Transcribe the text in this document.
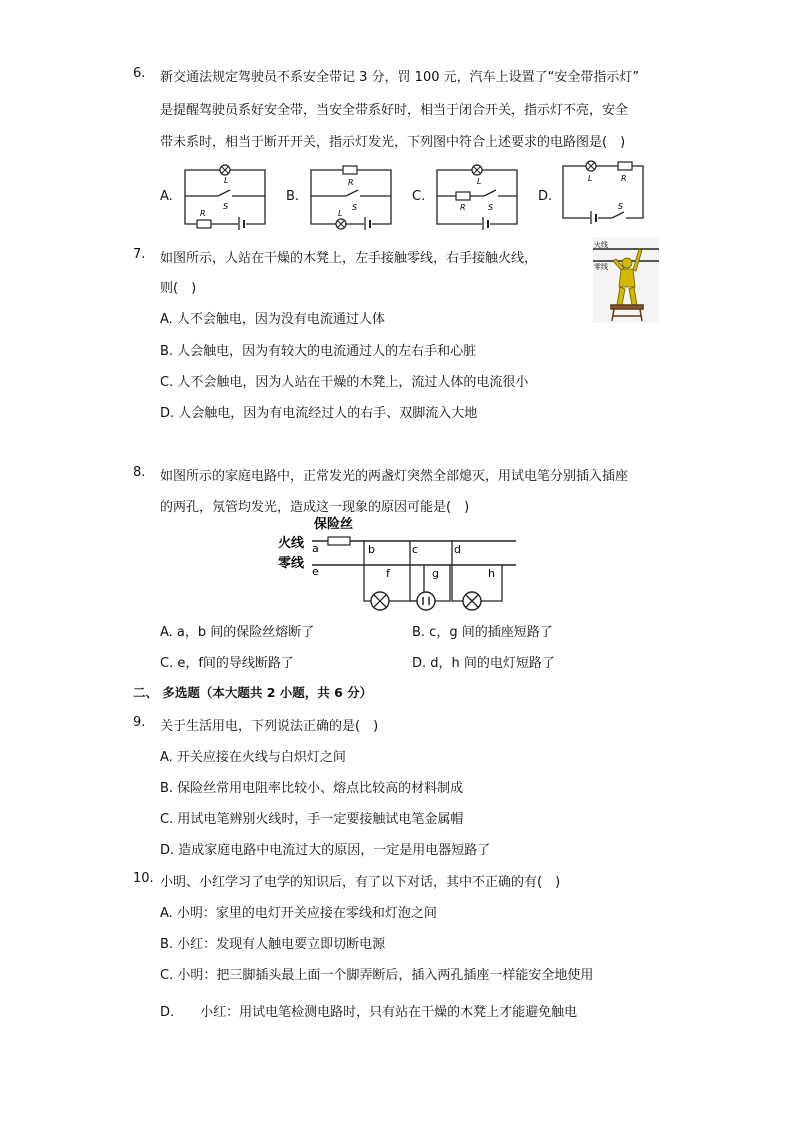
6. 新交通法规定驾驶员不系安全带记 3 分，罚 100 元，汽车上设置了“安全带指示灯”
是提醒驾驶员系好安全带，当安全带系好时，相当于闭合开关，指示灯不亮，安全
带未系时，相当于断开开关，指示灯发光，下列图中符合上述要求的电路图是(　)
A.	B.	C.	D.
L
S
R
R
S
L
L
R	S
L	R
S
7. 如图所示，人站在干燥的木凳上，左手接触零线，右手接触火线，
则(　)
A. 人不会触电，因为没有电流通过人体
B. 人会触电，因为有较大的电流通过人的左右手和心脏
C. 人不会触电，因为人站在干燥的木凳上，流过人体的电流很小
D. 人会触电，因为有电流经过人的右手、双脚流入大地
火线
零线
8. 如图所示的家庭电路中，正常发光的两盏灯突然全部熄灭，用试电笔分别插入插座
的两孔，氖管均发光，造成这一现象的原因可能是(　)
保险丝
火线
零线
a
e
b	c	d
f	g	h
A. a，b 间的保险丝熔断了	B. c，g 间的插座短路了
C. e，f间的导线断路了	D. d，h 间的电灯短路了
二、 多选题（本大题共 2 小题，共 6 分）
9. 关于生活用电，下列说法正确的是(　)
A. 开关应接在火线与白炽灯之间
B. 保险丝常用电阻率比较小、熔点比较高的材料制成
C. 用试电笔辨别火线时，手一定要接触试电笔金属帽
D. 造成家庭电路中电流过大的原因，一定是用电器短路了
10. 小明、小红学习了电学的知识后，有了以下对话，其中不正确的有(　)
A. 小明：家里的电灯开关应接在零线和灯泡之间
B. 小红：发现有人触电要立即切断电源
C. 小明：把三脚插头最上面一个脚弄断后，插入两孔插座一样能安全地使用
D.　　小红：用试电笔检测电路时，只有站在干燥的木凳上才能避免触电
